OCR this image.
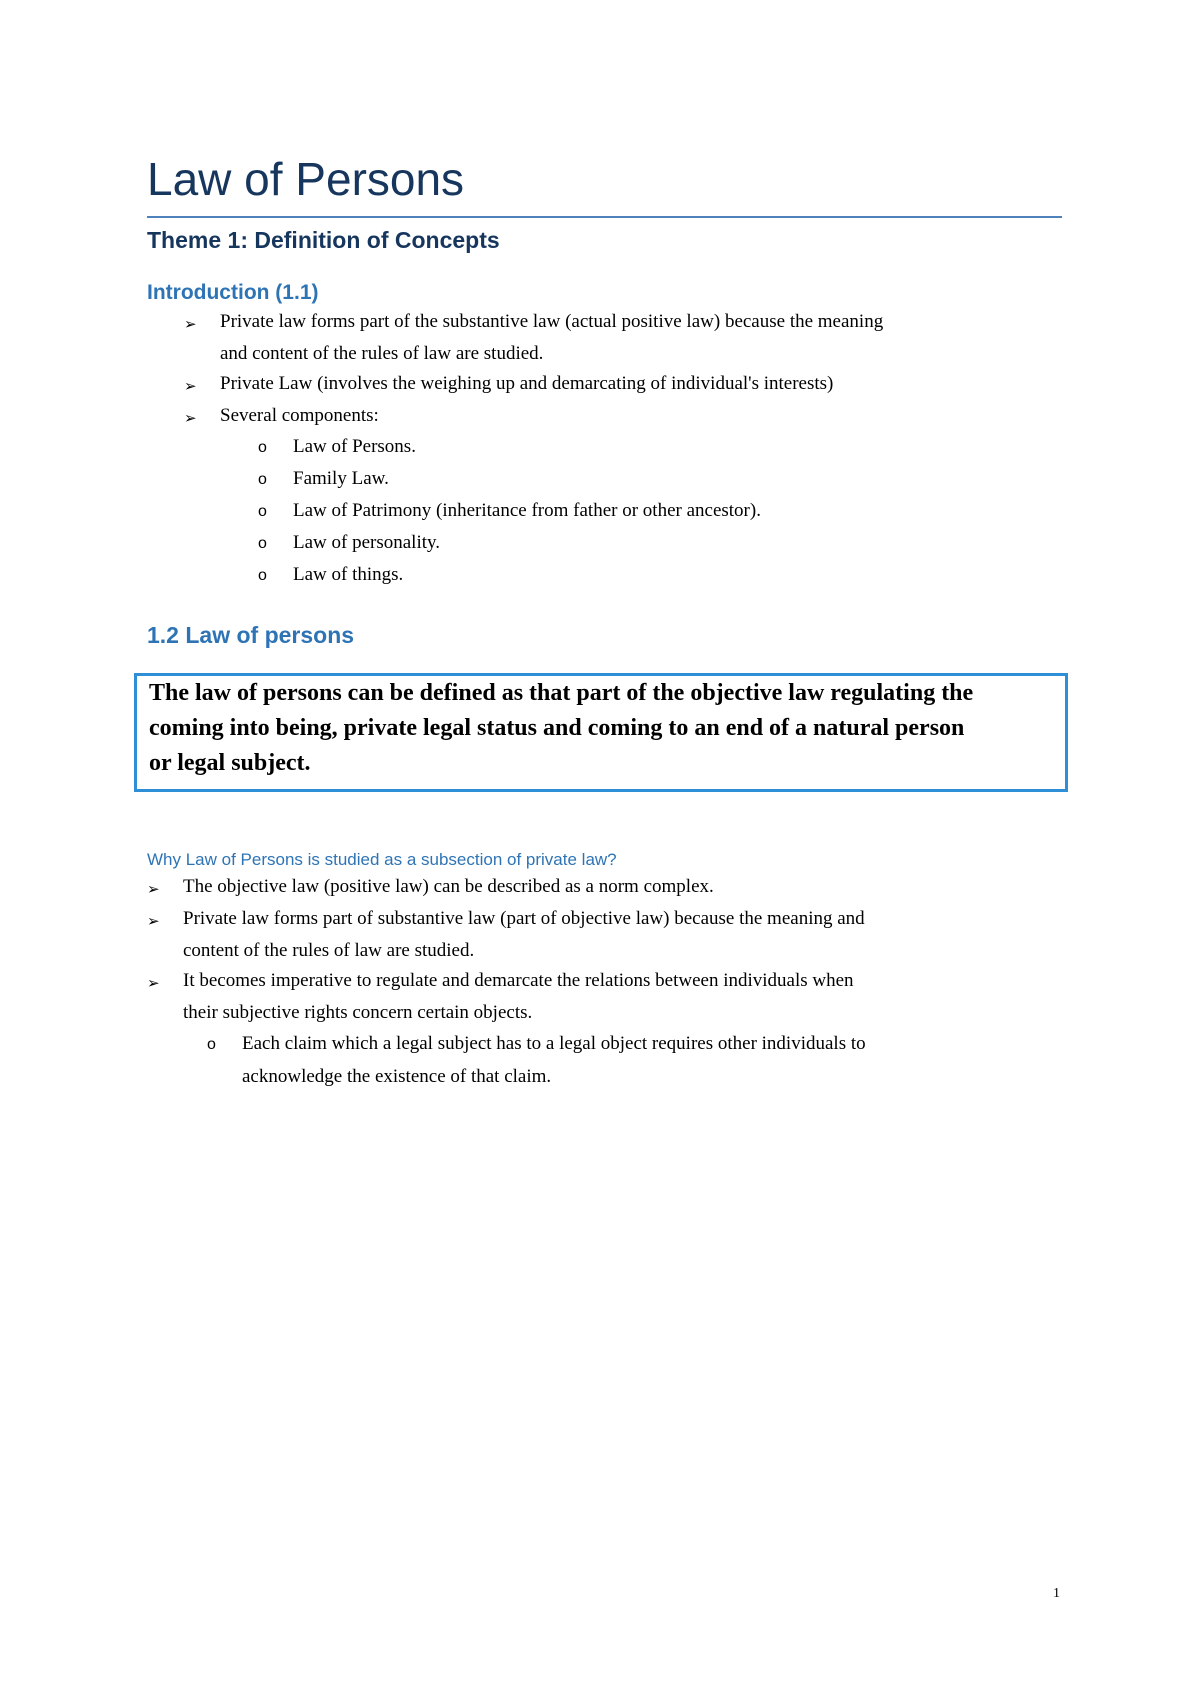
Law of Persons
Theme 1: Definition of Concepts
Introduction (1.1)
➢ Private law forms part of the substantive law (actual positive law) because the meaning
and content of the rules of law are studied.
➢ Private Law (involves the weighing up and demarcating of individual's interests)
➢ Several components:
o Law of Persons.
o Family Law.
o Law of Patrimony (inheritance from father or other ancestor).
o Law of personality.
o Law of things.
1.2 Law of persons
The law of persons can be defined as that part of the objective law regulating the
coming into being, private legal status and coming to an end of a natural person
or legal subject.
Why Law of Persons is studied as a subsection of private law?
➢ The objective law (positive law) can be described as a norm complex.
➢ Private law forms part of substantive law (part of objective law) because the meaning and
content of the rules of law are studied.
➢ It becomes imperative to regulate and demarcate the relations between individuals when
their subjective rights concern certain objects.
o Each claim which a legal subject has to a legal object requires other individuals to
acknowledge the existence of that claim.
1
